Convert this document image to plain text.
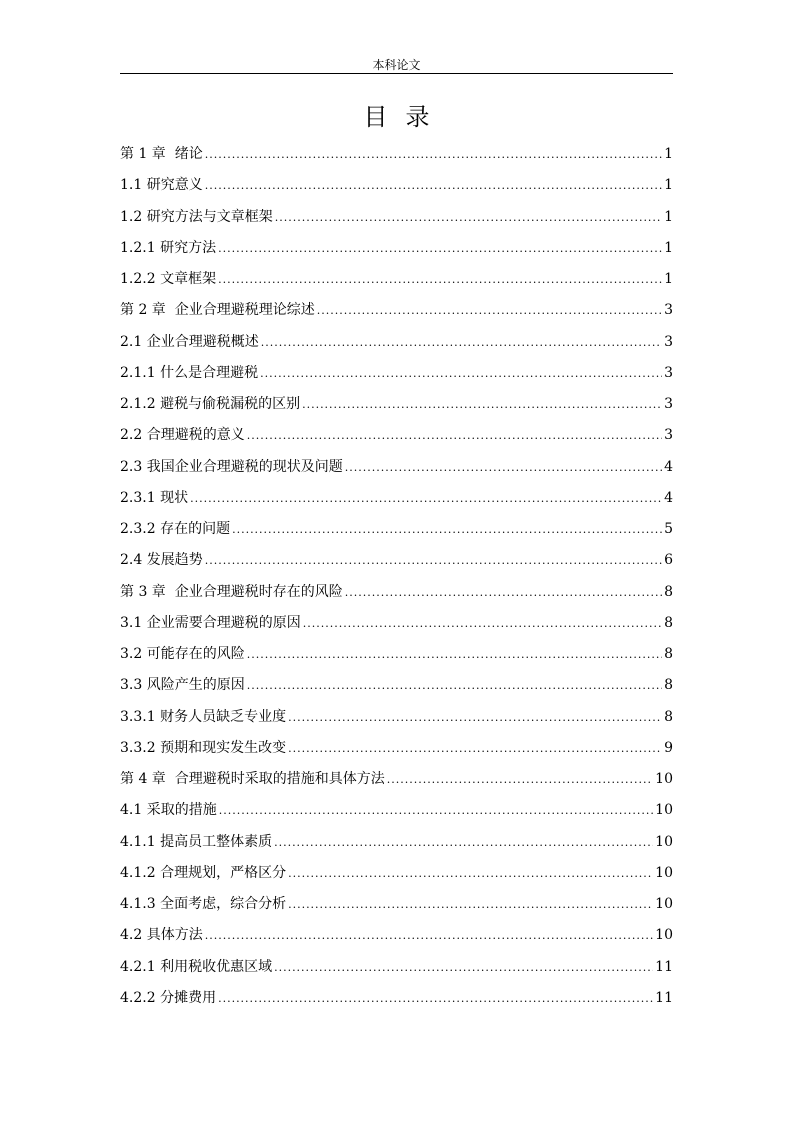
本科论文
目录
第 1 章  绪论 .....	1
1.1 研究意义 .....	1
1.2 研究方法与文章框架 .....	1
1.2.1 研究方法 .....	1
1.2.2 文章框架 .....	1
第 2 章  企业合理避税理论综述 .....	3
2.1 企业合理避税概述 .....	3
2.1.1 什么是合理避税 .....	3
2.1.2 避税与偷税漏税的区别 .....	3
2.2 合理避税的意义 .....	3
2.3 我国企业合理避税的现状及问题 .....	4
2.3.1 现状 .....	4
2.3.2 存在的问题 .....	5
2.4 发展趋势 .....	6
第 3 章  企业合理避税时存在的风险 .....	8
3.1 企业需要合理避税的原因 .....	8
3.2 可能存在的风险 .....	8
3.3 风险产生的原因 .....	8
3.3.1 财务人员缺乏专业度 .....	8
3.3.2 预期和现实发生改变 .....	9
第 4 章  合理避税时采取的措施和具体方法 .....	10
4.1 采取的措施 .....	10
4.1.1 提高员工整体素质 .....	10
4.1.2 合理规划，严格区分 .....	10
4.1.3 全面考虑，综合分析 .....	10
4.2 具体方法 .....	10
4.2.1 利用税收优惠区域 .....	11
4.2.2 分摊费用 .....	11
